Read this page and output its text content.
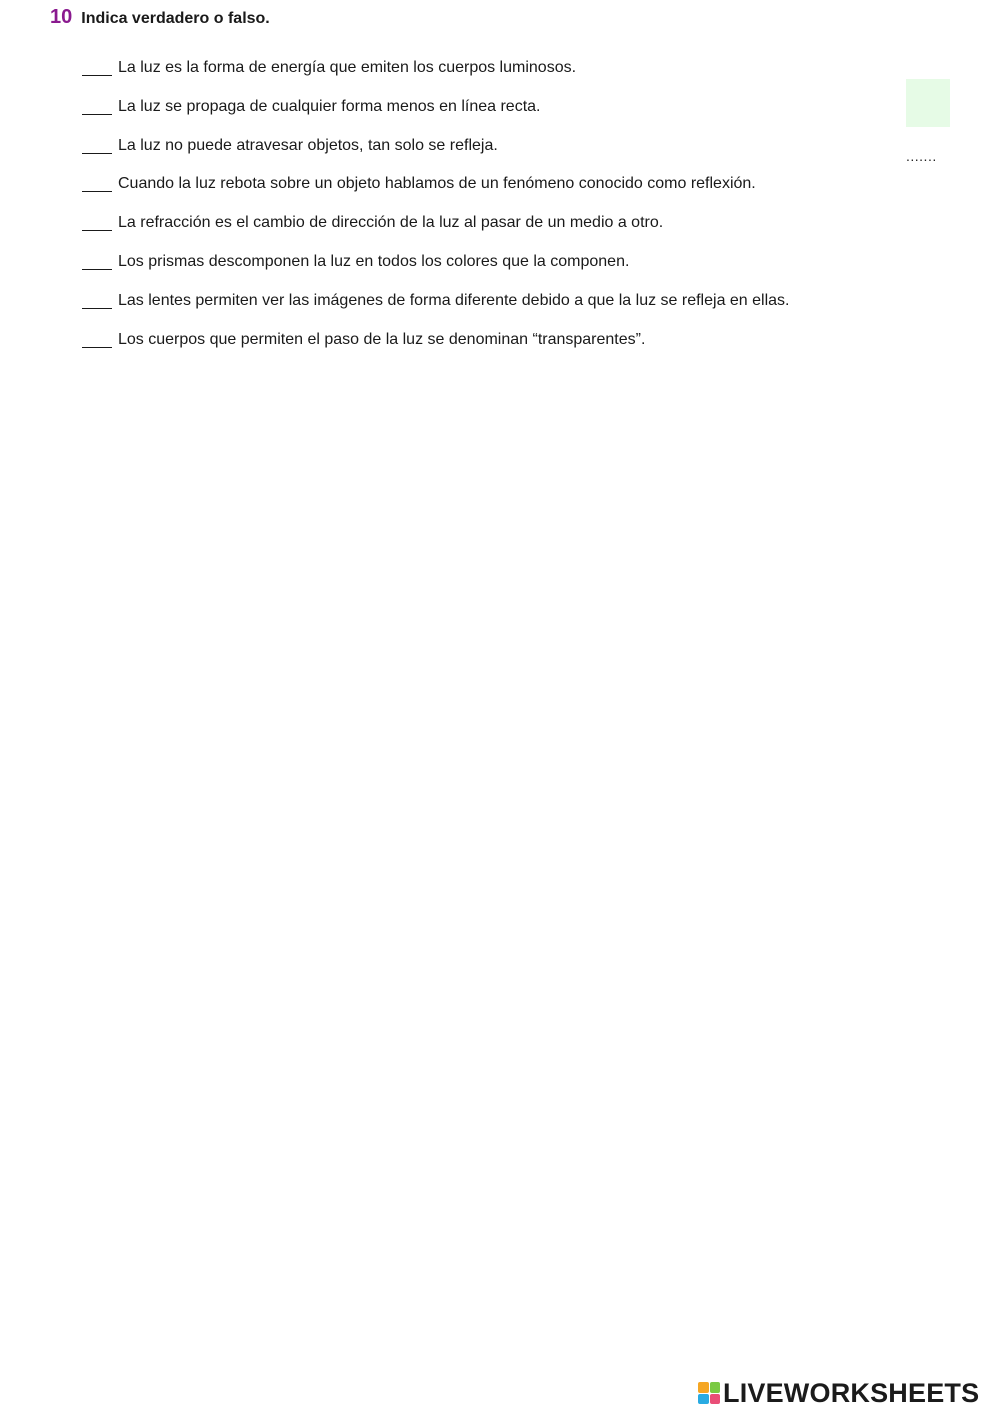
10 Indica verdadero o falso.
La luz es la forma de energía que emiten los cuerpos luminosos.
La luz se propaga de cualquier forma menos en línea recta.
La luz no puede atravesar objetos, tan solo se refleja.
Cuando la luz rebota sobre un objeto hablamos de un fenómeno conocido como reflexión.
La refracción es el cambio de dirección de la luz al pasar de un medio a otro.
Los prismas descomponen la luz en todos los colores que la componen.
Las lentes permiten ver las imágenes de forma diferente debido a que la luz se refleja en ellas.
Los cuerpos que permiten el paso de la luz se denominan “transparentes”.
.......
LIVEWORKSHEETS
